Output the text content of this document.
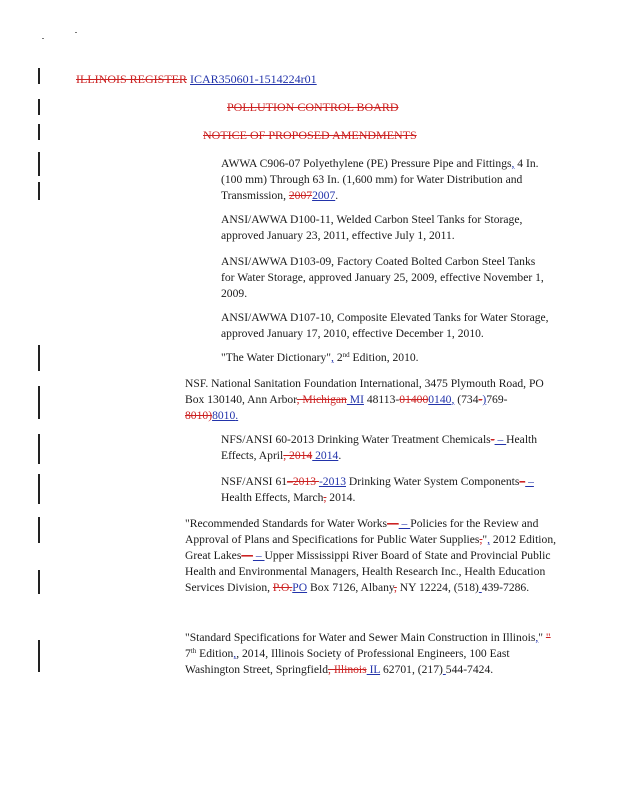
ILLINOIS REGISTER ICAR350601-1514224r01
POLLUTION CONTROL BOARD
NOTICE OF PROPOSED AMENDMENTS
AWWA C906-07 Polyethylene (PE) Pressure Pipe and Fittings, 4 In. (100 mm) Through 63 In. (1,600 mm) for Water Distribution and Transmission, 20072007.
ANSI/AWWA D100-11, Welded Carbon Steel Tanks for Storage, approved January 23, 2011, effective July 1, 2011.
ANSI/AWWA D103-09, Factory Coated Bolted Carbon Steel Tanks for Water Storage, approved January 25, 2009, effective November 1, 2009.
ANSI/AWWA D107-10, Composite Elevated Tanks for Water Storage, approved January 17, 2010, effective December 1, 2010.
"The Water Dictionary", 2nd Edition, 2010.
NSF. National Sanitation Foundation International, 3475 Plymouth Road, PO Box 130140, Ann Arbor, Michigan MI 48113-014000140, (734-)769-8010)8010.
NFS/ANSI 60-2013 Drinking Water Treatment Chemicals- – Health Effects, April, 2014 2014.
NSF/ANSI 61–2013 -2013 Drinking Water System Components– – Health Effects, March, 2014.
"Recommended Standards for Water Works— – Policies for the Review and Approval of Plans and Specifications for Public Water Supplies,", 2012 Edition, Great Lakes— – Upper Mississippi River Board of State and Provincial Public Health and Environmental Managers, Health Research Inc., Health Education Services Division, P.O.PO Box 7126, Albany, NY 12224, (518) 439-7286.
"Standard Specifications for Water and Sewer Main Construction in Illinois," " 7th Edition,, 2014, Illinois Society of Professional Engineers, 100 East Washington Street, Springfield, Illinois IL 62701, (217) 544-7424.
